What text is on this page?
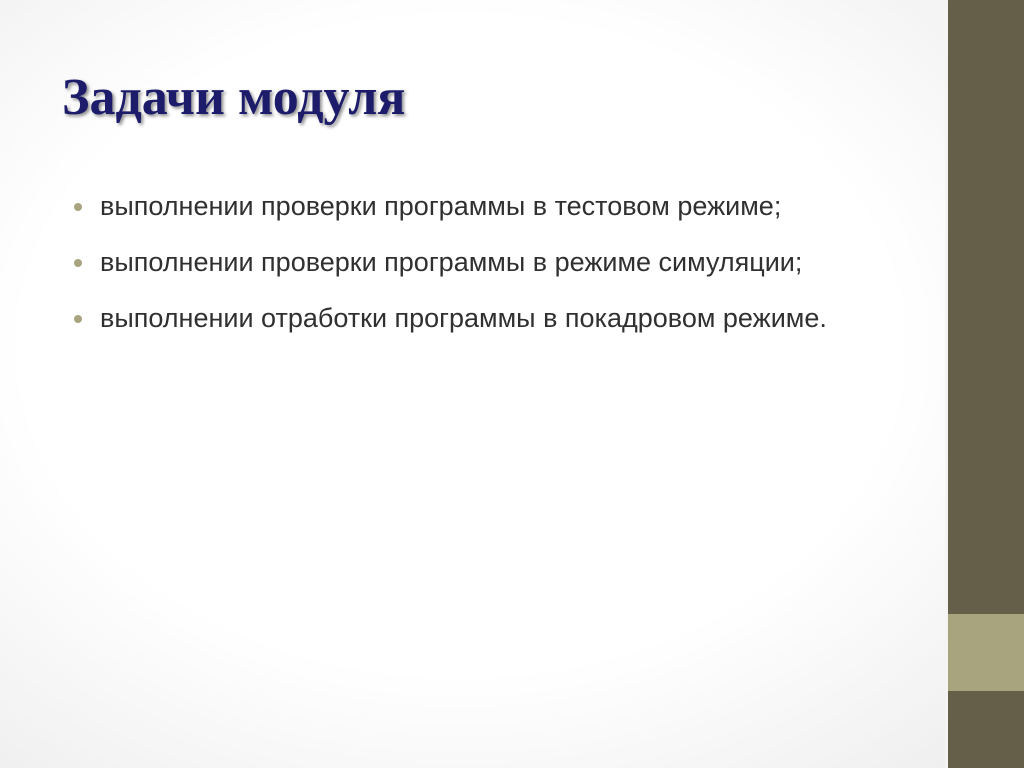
Задачи модуля
выполнении проверки программы в тестовом режиме;
выполнении проверки программы в режиме симуляции;
выполнении отработки программы в покадровом режиме.
